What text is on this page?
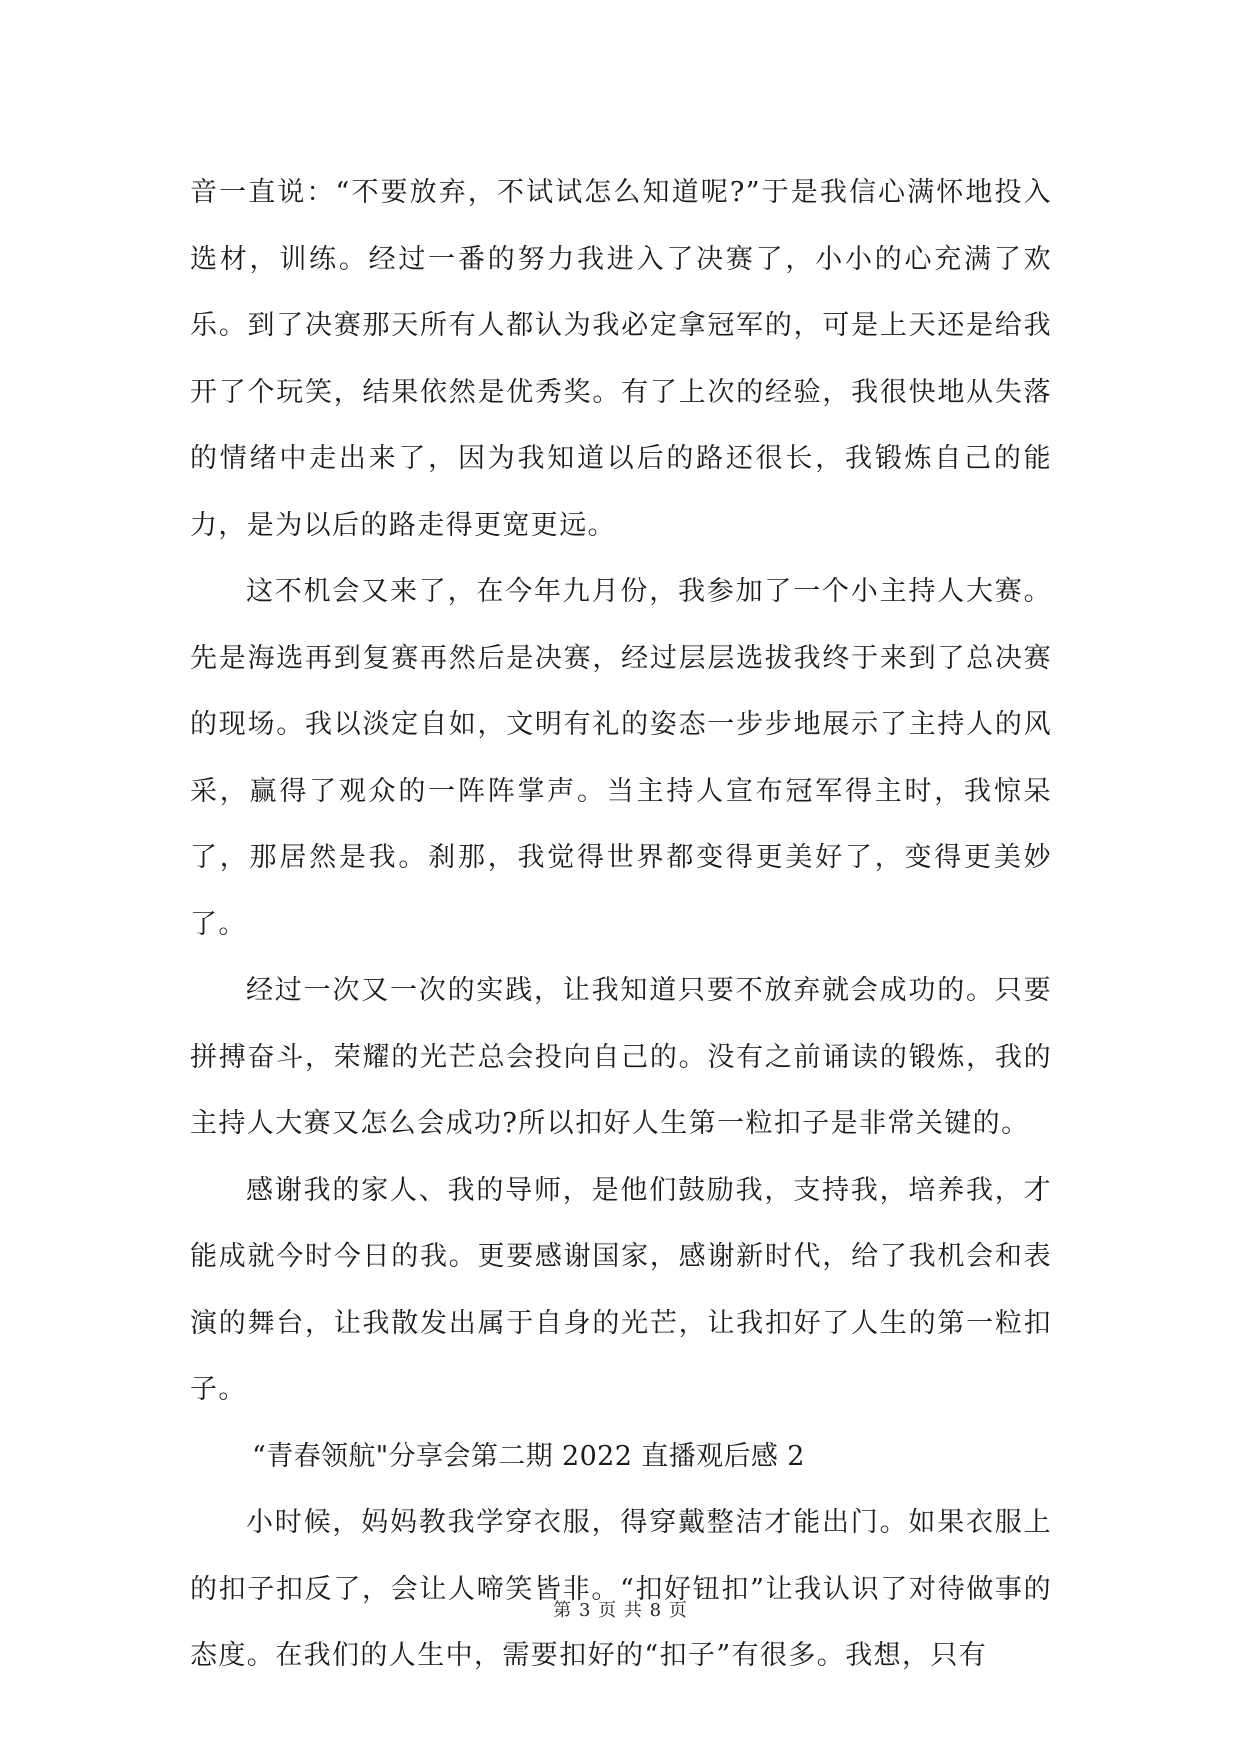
音一直说：“不要放弃，不试试怎么知道呢?”于是我信心满怀地投入选材，训练。经过一番的努力我进入了决赛了，小小的心充满了欢乐。到了决赛那天所有人都认为我必定拿冠军的，可是上天还是给我开了个玩笑，结果依然是优秀奖。有了上次的经验，我很快地从失落的情绪中走出来了，因为我知道以后的路还很长，我锻炼自己的能力，是为以后的路走得更宽更远。

这不机会又来了，在今年九月份，我参加了一个小主持人大赛。先是海选再到复赛再然后是决赛，经过层层选拔我终于来到了总决赛的现场。我以淡定自如，文明有礼的姿态一步步地展示了主持人的风采，赢得了观众的一阵阵掌声。当主持人宣布冠军得主时，我惊呆了，那居然是我。刹那，我觉得世界都变得更美好了，变得更美妙了。

经过一次又一次的实践，让我知道只要不放弃就会成功的。只要拼搏奋斗，荣耀的光芒总会投向自己的。没有之前诵读的锻炼，我的主持人大赛又怎么会成功?所以扣好人生第一粒扣子是非常关键的。

感谢我的家人、我的导师，是他们鼓励我，支持我，培养我，才能成就今时今日的我。更要感谢国家，感谢新时代，给了我机会和表演的舞台，让我散发出属于自身的光芒，让我扣好了人生的第一粒扣子。

“青春领航"分享会第二期 2022 直播观后感 2

小时候，妈妈教我学穿衣服，得穿戴整洁才能出门。如果衣服上的扣子扣反了，会让人啼笑皆非。“扣好钮扣”让我认识了对待做事的态度。在我们的人生中，需要扣好的“扣子”有很多。我想，只有

第 3 页 共 8 页
